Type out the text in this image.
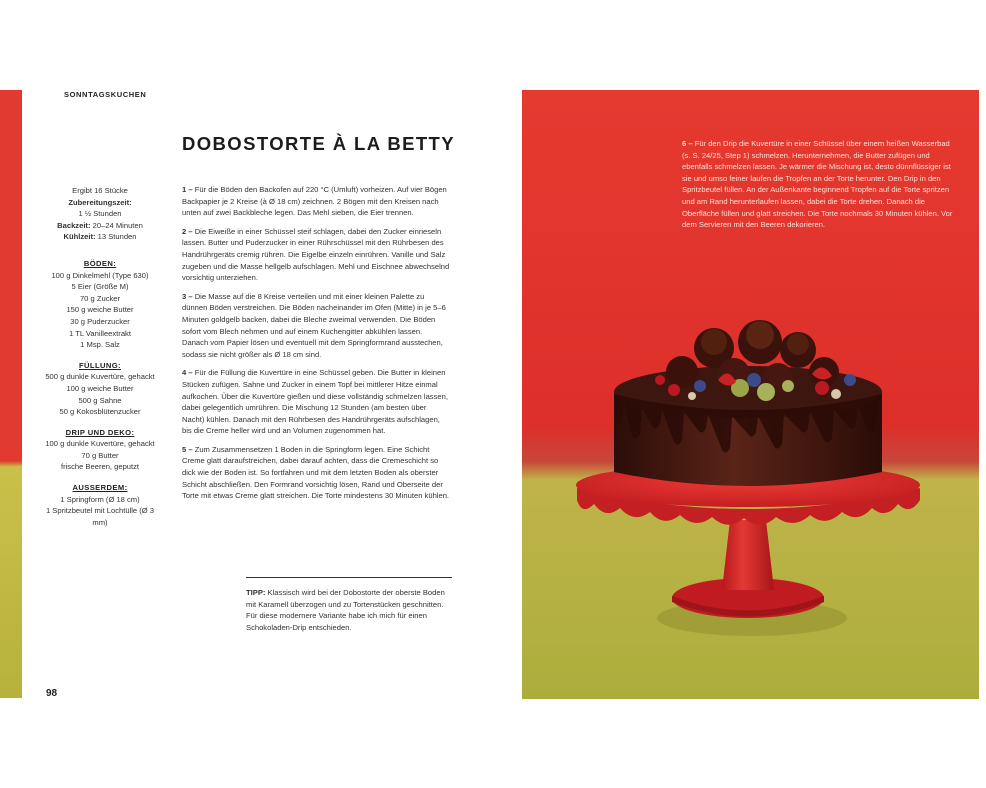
SONNTAGSKUCHEN
DOBOSTORTE À LA BETTY
Ergibt 16 Stücke
Zubereitungszeit:
1 ½ Stunden
Backzeit: 20–24 Minuten
Kühlzeit: 13 Stunden
BÖDEN:
100 g Dinkelmehl (Type 630)
5 Eier (Größe M)
70 g Zucker
150 g weiche Butter
30 g Puderzucker
1 TL Vanilleextrakt
1 Msp. Salz
FÜLLUNG:
500 g dunkle Kuvertüre, gehackt
100 g weiche Butter
500 g Sahne
50 g Kokosblütenzucker
DRIP UND DEKO:
100 g dunkle Kuvertüre, gehackt
70 g Butter
frische Beeren, geputzt
AUSSERDEM:
1 Springform (Ø 18 cm)
1 Spritzbeutel mit Lochtülle (Ø 3 mm)

1 – Für die Böden den Backofen auf 220 °C (Umluft) vorheizen. Auf vier Bögen Backpapier je 2 Kreise (à Ø 18 cm) zeichnen. 2 Bögen mit den Kreisen nach unten auf zwei Backbleche legen. Das Mehl sieben, die Eier trennen.

2 – Die Eiweiße in einer Schüssel steif schlagen, dabei den Zucker einrieseln lassen. Butter und Puderzucker in einer Rührschüssel mit den Rührbesen des Handrührgeräts cremig rühren. Die Eigelbe einzeln einrühren. Vanille und Salz zugeben und die Masse hellgelb aufschlagen. Mehl und Eischnee abwechselnd vorsichtig unterziehen.

3 – Die Masse auf die 8 Kreise verteilen und mit einer kleinen Palette zu dünnen Böden verstreichen. Die Böden nacheinander im Ofen (Mitte) in je 5–6 Minuten goldgelb backen, dabei die Bleche zweimal verwenden. Die Böden sofort vom Blech nehmen und auf einem Kuchengitter abkühlen lassen. Danach vom Papier lösen und eventuell mit dem Springformrand ausstechen, sodass sie nicht größer als Ø 18 cm sind.

4 – Für die Füllung die Kuvertüre in eine Schüssel geben. Die Butter in kleinen Stücken zufügen. Sahne und Zucker in einem Topf bei mittlerer Hitze einmal aufkochen. Über die Kuvertüre gießen und diese vollständig schmelzen lassen, dabei gelegentlich umrühren. Die Mischung 12 Stunden (am besten über Nacht) kühlen. Danach mit den Rührbesen des Handrührgeräts aufschlagen, bis die Creme heller wird und an Volumen zugenommen hat.

5 – Zum Zusammensetzen 1 Boden in die Springform legen. Eine Schicht Creme glatt daraufstreichen, dabei darauf achten, dass die Cremeschicht so dick wie der Boden ist. So fortfahren und mit dem letzten Boden als oberster Schicht abschließen. Den Formrand vorsichtig lösen, Rand und Oberseite der Torte mit etwas Creme glatt streichen. Die Torte mindestens 30 Minuten kühlen.

TIPP: Klassisch wird bei der Dobostorte der oberste Boden mit Karamell überzogen und zu Tortenstücken geschnitten. Für diese modernere Variante habe ich mich für einen Schokoladen-Drip entschieden.
98
6 – Für den Drip die Kuvertüre in einer Schüssel über einem heißen Wasserbad (s. S. 24/25, Step 1) schmelzen. Herunternehmen, die Butter zufügen und ebenfalls schmelzen lassen. Je wärmer die Mischung ist, desto dünnflüssiger ist sie und umso feiner laufen die Tropfen an der Torte herunter. Den Drip in den Spritzbeutel füllen. An der Außenkante beginnend Tropfen auf die Torte spritzen und am Rand herunterlaufen lassen, dabei die Torte drehen. Danach die Oberfläche füllen und glatt streichen. Die Torte nochmals 30 Minuten kühlen. Vor dem Servieren mit den Beeren dekorieren.
